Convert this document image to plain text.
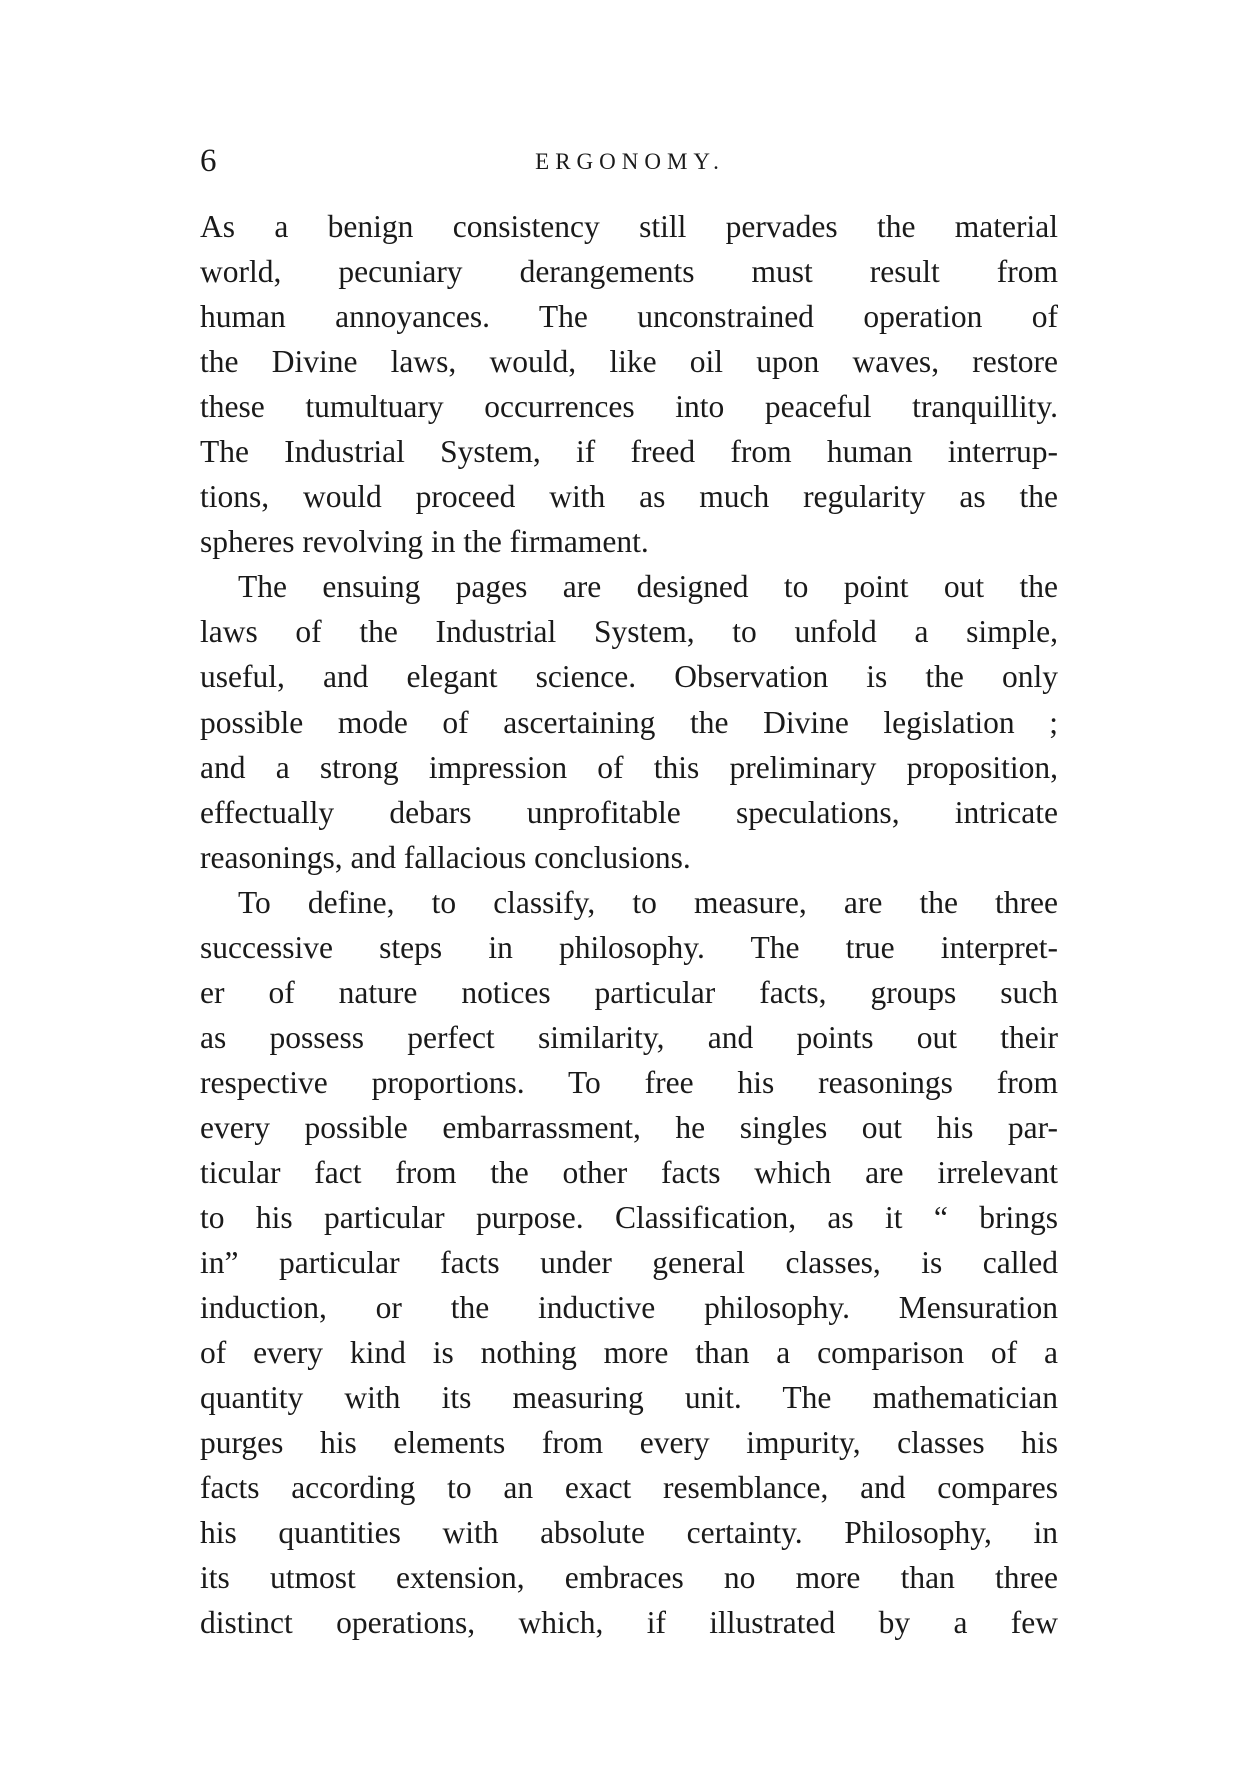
6	ERGONOMY.
As a benign consistency still pervades the material
world, pecuniary derangements must result from
human annoyances. The unconstrained operation of
the Divine laws, would, like oil upon waves, restore
these tumultuary occurrences into peaceful tranquillity.
The Industrial System, if freed from human interrup-
tions, would proceed with as much regularity as the
spheres revolving in the firmament.
The ensuing pages are designed to point out the
laws of the Industrial System, to unfold a simple,
useful, and elegant science. Observation is the only
possible mode of ascertaining the Divine legislation ;
and a strong impression of this preliminary proposition,
effectually debars unprofitable speculations, intricate
reasonings, and fallacious conclusions.
To define, to classify, to measure, are the three
successive steps in philosophy. The true interpret-
er of nature notices particular facts, groups such
as possess perfect similarity, and points out their
respective proportions. To free his reasonings from
every possible embarrassment, he singles out his par-
ticular fact from the other facts which are irrelevant
to his particular purpose. Classification, as it “ brings
in” particular facts under general classes, is called
induction, or the inductive philosophy. Mensuration
of every kind is nothing more than a comparison of a
quantity with its measuring unit. The mathematician
purges his elements from every impurity, classes his
facts according to an exact resemblance, and compares
his quantities with absolute certainty. Philosophy, in
its utmost extension, embraces no more than three
distinct operations, which, if illustrated by a few
